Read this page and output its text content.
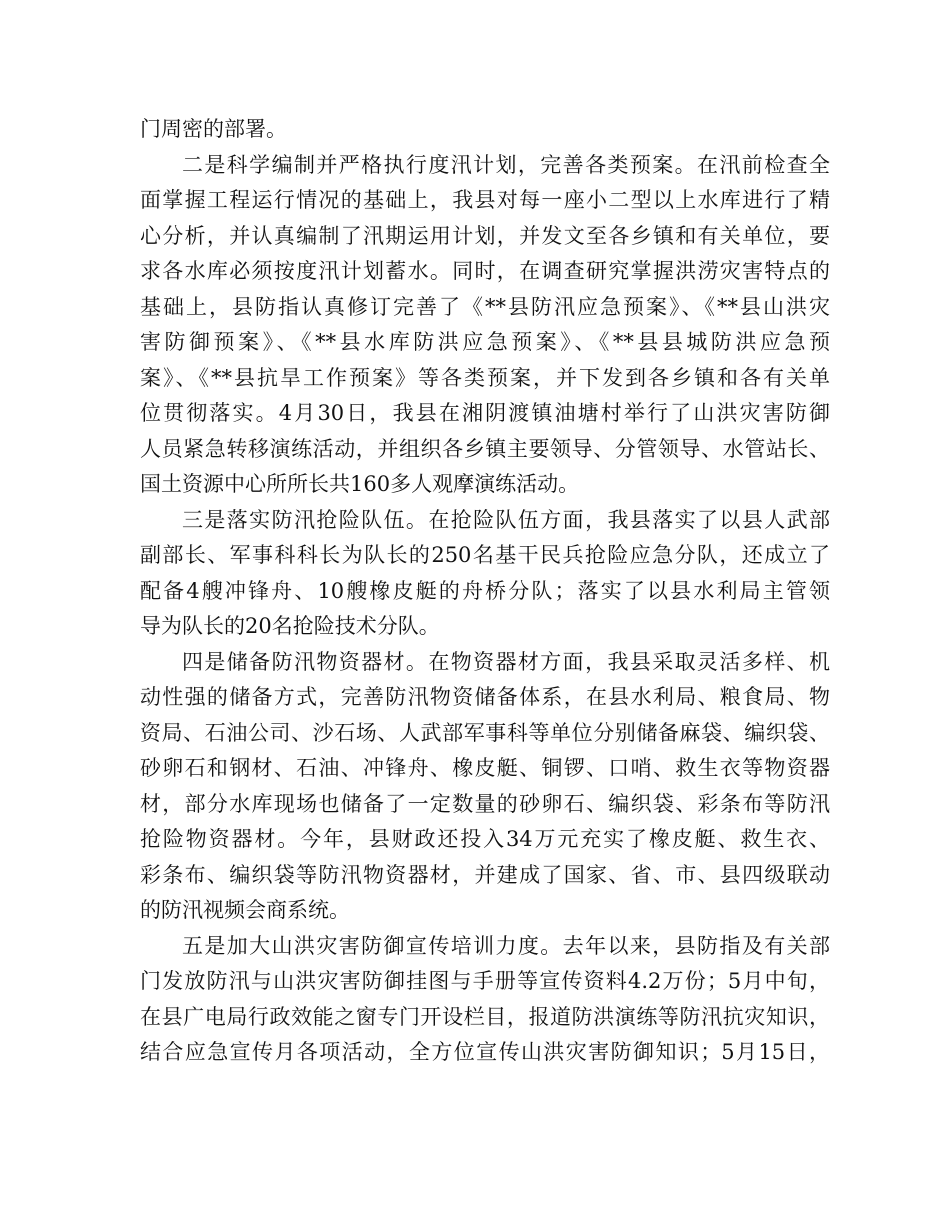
门周密的部署。
二是科学编制并严格执行度汛计划，完善各类预案。在汛前检查全
面掌握工程运行情况的基础上，我县对每一座小二型以上水库进行了精
心分析，并认真编制了汛期运用计划，并发文至各乡镇和有关单位，要
求各水库必须按度汛计划蓄水。同时，在调查研究掌握洪涝灾害特点的
基础上，县防指认真修订完善了《**县防汛应急预案》、《**县山洪灾
害防御预案》、《**县水库防洪应急预案》、《**县县城防洪应急预
案》、《**县抗旱工作预案》等各类预案，并下发到各乡镇和各有关单
位贯彻落实。4月30日，我县在湘阴渡镇油塘村举行了山洪灾害防御
人员紧急转移演练活动，并组织各乡镇主要领导、分管领导、水管站长、
国土资源中心所所长共160多人观摩演练活动。
三是落实防汛抢险队伍。在抢险队伍方面，我县落实了以县人武部
副部长、军事科科长为队长的250名基干民兵抢险应急分队，还成立了
配备4艘冲锋舟、10艘橡皮艇的舟桥分队；落实了以县水利局主管领
导为队长的20名抢险技术分队。
四是储备防汛物资器材。在物资器材方面，我县采取灵活多样、机
动性强的储备方式，完善防汛物资储备体系，在县水利局、粮食局、物
资局、石油公司、沙石场、人武部军事科等单位分别储备麻袋、编织袋、
砂卵石和钢材、石油、冲锋舟、橡皮艇、铜锣、口哨、救生衣等物资器
材，部分水库现场也储备了一定数量的砂卵石、编织袋、彩条布等防汛
抢险物资器材。今年，县财政还投入34万元充实了橡皮艇、救生衣、
彩条布、编织袋等防汛物资器材，并建成了国家、省、市、县四级联动
的防汛视频会商系统。
五是加大山洪灾害防御宣传培训力度。去年以来，县防指及有关部
门发放防汛与山洪灾害防御挂图与手册等宣传资料4.2万份；5月中旬，
在县广电局行政效能之窗专门开设栏目，报道防洪演练等防汛抗灾知识，
结合应急宣传月各项活动，全方位宣传山洪灾害防御知识；5月15日，
